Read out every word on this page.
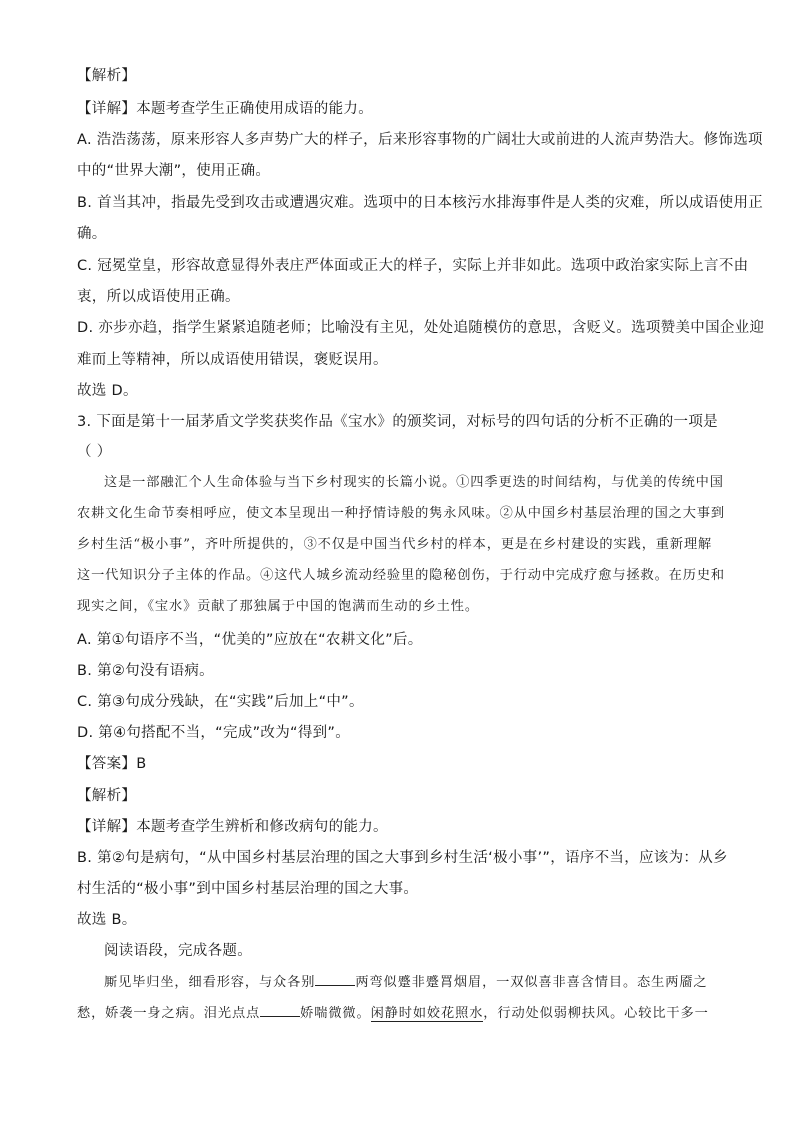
【解析】
【详解】本题考查学生正确使用成语的能力。
A. 浩浩荡荡，原来形容人多声势广大的样子，后来形容事物的广阔壮大或前进的人流声势浩大。修饰选项
中的“世界大潮”，使用正确。
B. 首当其冲，指最先受到攻击或遭遇灾难。选项中的日本核污水排海事件是人类的灾难，所以成语使用正
确。
C. 冠冕堂皇，形容故意显得外表庄严体面或正大的样子，实际上并非如此。选项中政治家实际上言不由
衷，所以成语使用正确。
D. 亦步亦趋，指学生紧紧追随老师；比喻没有主见，处处追随模仿的意思，含贬义。选项赞美中国企业迎
难而上等精神，所以成语使用错误，褒贬误用。
故选 D。
3. 下面是第十一届茅盾文学奖获奖作品《宝水》的颁奖词，对标号的四句话的分析不正确的一项是
（ ）
这是一部融汇个人生命体验与当下乡村现实的长篇小说。①四季更迭的时间结构，与优美的传统中国
农耕文化生命节奏相呼应，使文本呈现出一种抒情诗般的隽永风味。②从中国乡村基层治理的国之大事到
乡村生活“极小事”，齐叶所提供的，③不仅是中国当代乡村的样本，更是在乡村建设的实践，重新理解
这一代知识分子主体的作品。④这代人城乡流动经验里的隐秘创伤，于行动中完成疗愈与拯救。在历史和
现实之间，《宝水》贡献了那独属于中国的饱满而生动的乡土性。
A. 第①句语序不当，“优美的”应放在“农耕文化”后。
B. 第②句没有语病。
C. 第③句成分残缺，在“实践”后加上“中”。
D. 第④句搭配不当，“完成”改为“得到”。
【答案】B
【解析】
【详解】本题考查学生辨析和修改病句的能力。
B. 第②句是病句，“从中国乡村基层治理的国之大事到乡村生活‘极小事’”，语序不当，应该为：从乡
村生活的“极小事”到中国乡村基层治理的国之大事。
故选 B。
阅读语段，完成各题。
厮见毕归坐，细看形容，与众各别	两弯似蹙非蹙罥烟眉，一双似喜非喜含情目。态生两靥之
愁，娇袭一身之病。泪光点点	娇喘微微。闲静时如姣花照水，行动处似弱柳扶风。心较比干多一
